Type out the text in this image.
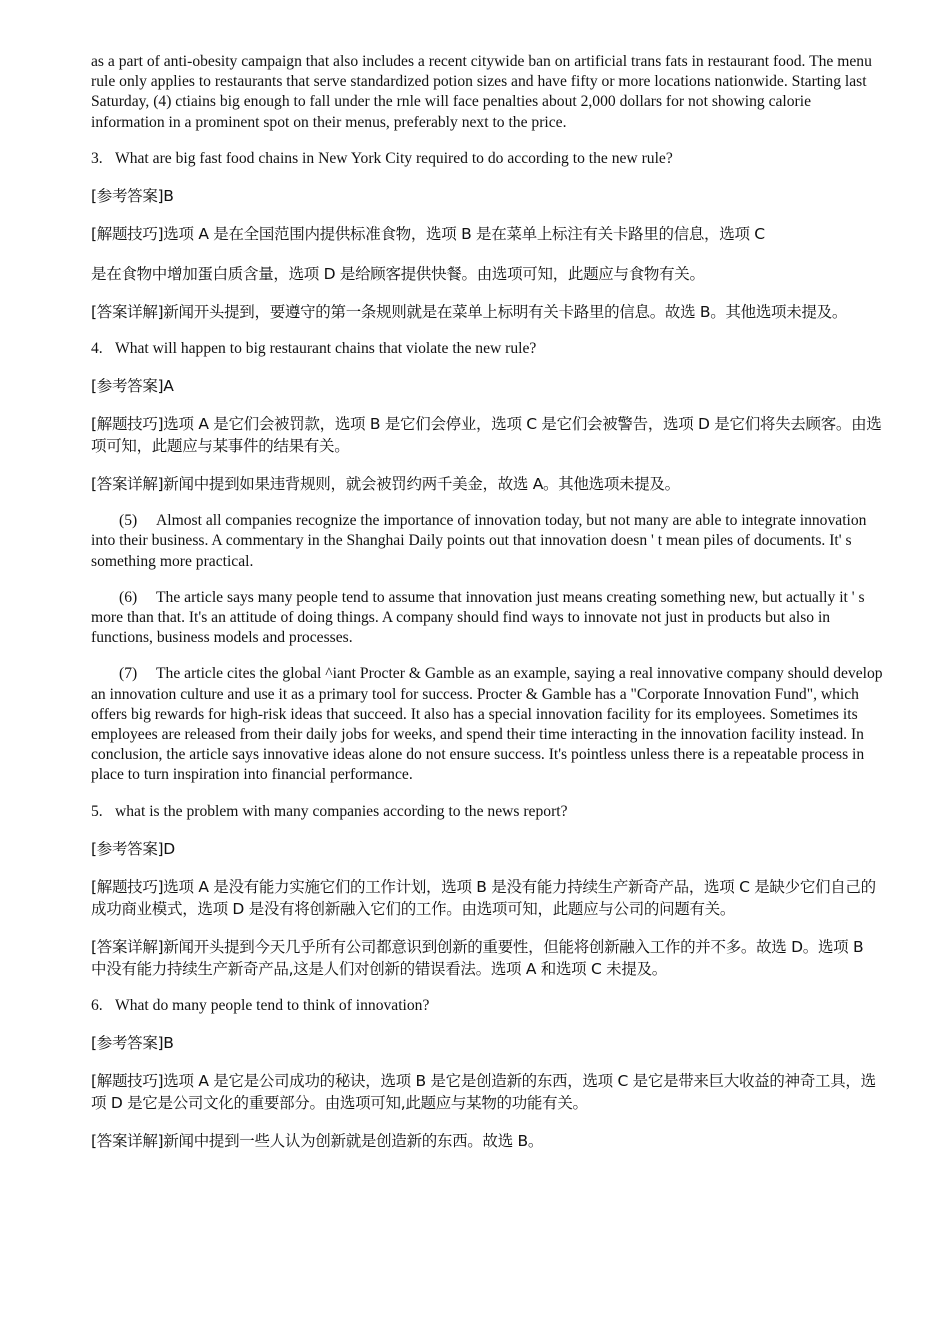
as a part of anti-obesity campaign that also includes a recent citywide ban on artificial trans fats in restaurant food. The menu rule only applies to restaurants that serve standardized potion sizes and have fifty or more locations nationwide. Starting last Saturday, (4) ctiains big enough to fall under the rnle will face penalties about 2,000 dollars for not showing calorie information in a prominent spot on their menus, preferably next to the price.

3. What are big fast food chains in New York City required to do according to the new rule?

[参考答案]B

[解题技巧]选项 A 是在全国范围内提供标准食物，选项 B 是在菜单上标注有关卡路里的信息，选项 C

是在食物中增加蛋白质含量，选项 D 是给顾客提供快餐。由选项可知，此题应与食物有关。

[答案详解]新闻开头提到，要遵守的第一条规则就是在菜单上标明有关卡路里的信息。故选 B。其他选项未提及。

4. What will happen to big restaurant chains that violate the new rule?

[参考答案]A

[解题技巧]选项 A 是它们会被罚款，选项 B 是它们会停业，选项 C 是它们会被警告，选项 D 是它们将失去顾客。由选项可知，此题应与某事件的结果有关。

[答案详解]新闻中提到如果违背规则，就会被罚约两千美金，故选 A。其他选项未提及。

(5) Almost all companies recognize the importance of innovation today, but not many are able to integrate innovation into their business. A commentary in the Shanghai Daily points out that innovation doesn ' t mean piles of documents. It' s something more practical.

(6) The article says many people tend to assume that innovation just means creating something new, but actually it ' s more than that. It's an attitude of doing things. A company should find ways to innovate not just in products but also in functions, business models and processes.

(7) The article cites the global ^iant Procter & Gamble as an example, saying a real innovative company should develop an innovation culture and use it as a primary tool for success. Procter & Gamble has a "Corporate Innovation Fund", which offers big rewards for high-risk ideas that succeed. It also has a special innovation facility for its employees. Sometimes its employees are released from their daily jobs for weeks, and spend their time interacting in the innovation facility instead. In conclusion, the article says innovative ideas alone do not ensure success. It's pointless unless there is a repeatable process in place to turn inspiration into financial performance.

5. what is the problem with many companies according to the news report?

[参考答案]D

[解题技巧]选项 A 是没有能力实施它们的工作计划，选项 B 是没有能力持续生产新奇产品，选项 C 是缺少它们自己的成功商业模式，选项 D 是没有将创新融入它们的工作。由选项可知，此题应与公司的问题有关。

[答案详解]新闻开头提到今天几乎所有公司都意识到创新的重要性，但能将创新融入工作的并不多。故选 D。选项 B 中没有能力持续生产新奇产品,这是人们对创新的错误看法。选项 A 和选项 C 未提及。

6. What do many people tend to think of innovation?

[参考答案]B

[解题技巧]选项 A 是它是公司成功的秘诀，选项 B 是它是创造新的东西，选项 C 是它是带来巨大收益的神奇工具，选项 D 是它是公司文化的重要部分。由选项可知,此题应与某物的功能有关。

[答案详解]新闻中提到一些人认为创新就是创造新的东西。故选 B。
